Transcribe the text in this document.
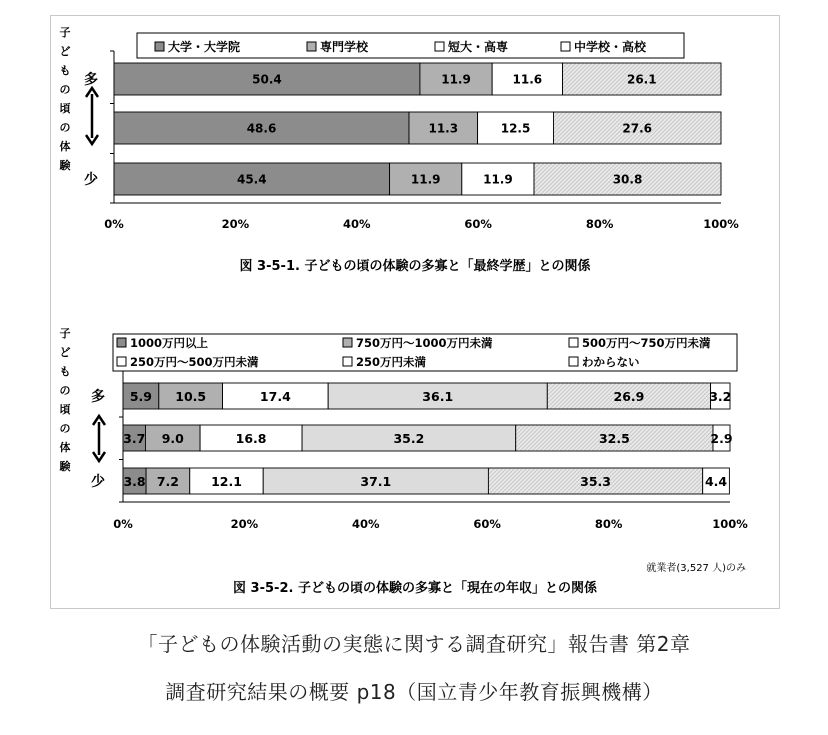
50.4	11.9	11.6	26.1
多
48.6	11.3	12.5	27.6
45.4	11.9	11.9	30.8
少
0%	20%	40%	60%	80%	100%
子
ど
も
の
頃
の
体
験
大学・大学院	専門学校	短大・高専	中学校・高校
図 3-5-1. 子どもの頃の体験の多寡と「最終学歴」との関係
5.9 10.5	17.4	36.1	26.9	3.2
多
3.7 9.0	16.8	35.2	32.5	2.9
3.8 7.2	12.1	37.1	35.3	4.4
少
0%	20%	40%	60%	80%	100%
子
ど
も
の
頃
の
体
験
1000万円以上	750万円～1000万円未満	500万円～750万円未満
250万円～500万円未満	250万円未満	わからない
図 3-5-2. 子どもの頃の体験の多寡と「現在の年収」との関係
就業者(3,527 人)のみ
「子どもの体験活動の実態に関する調査研究」報告書 第2章
調査研究結果の概要 p18（国立青少年教育振興機構）
